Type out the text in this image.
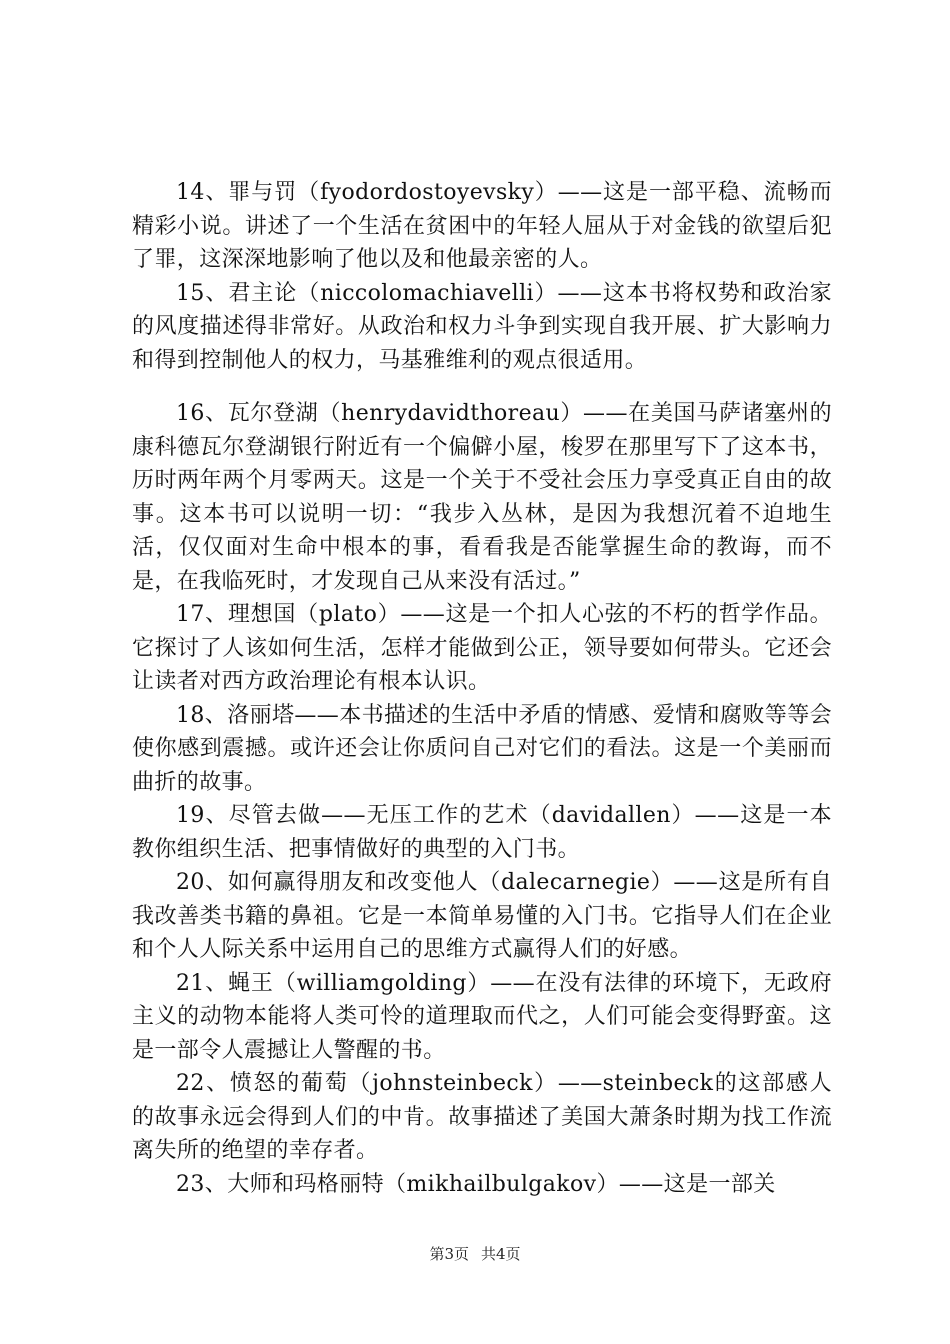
14、罪与罚（fyodordostoyevsky）——这是一部平稳、流畅而精彩小说。讲述了一个生活在贫困中的年轻人屈从于对金钱的欲望后犯了罪，这深深地影响了他以及和他最亲密的人。

15、君主论（niccolomachiavelli）——这本书将权势和政治家的风度描述得非常好。从政治和权力斗争到实现自我开展、扩大影响力和得到控制他人的权力，马基雅维利的观点很适用。

16、瓦尔登湖（henrydavidthoreau）——在美国马萨诸塞州的康科德瓦尔登湖银行附近有一个偏僻小屋，梭罗在那里写下了这本书，历时两年两个月零两天。这是一个关于不受社会压力享受真正自由的故事。这本书可以说明一切：“我步入丛林，是因为我想沉着不迫地生活，仅仅面对生命中根本的事，看看我是否能掌握生命的教诲，而不是，在我临死时，才发现自己从来没有活过。”

17、理想国（plato）——这是一个扣人心弦的不朽的哲学作品。它探讨了人该如何生活，怎样才能做到公正，领导要如何带头。它还会让读者对西方政治理论有根本认识。

18、洛丽塔——本书描述的生活中矛盾的情感、爱情和腐败等等会使你感到震撼。或许还会让你质问自己对它们的看法。这是一个美丽而曲折的故事。

19、尽管去做——无压工作的艺术（davidallen）——这是一本教你组织生活、把事情做好的典型的入门书。

20、如何赢得朋友和改变他人（dalecarnegie）——这是所有自我改善类书籍的鼻祖。它是一本简单易懂的入门书。它指导人们在企业和个人人际关系中运用自己的思维方式赢得人们的好感。

21、蝇王（williamgolding）——在没有法律的环境下，无政府主义的动物本能将人类可怜的道理取而代之，人们可能会变得野蛮。这是一部令人震撼让人警醒的书。

22、愤怒的葡萄（johnsteinbeck）——steinbeck的这部感人的故事永远会得到人们的中肯。故事描述了美国大萧条时期为找工作流离失所的绝望的幸存者。

23、大师和玛格丽特（mikhailbulgakov）——这是一部关

第3页 共4页
